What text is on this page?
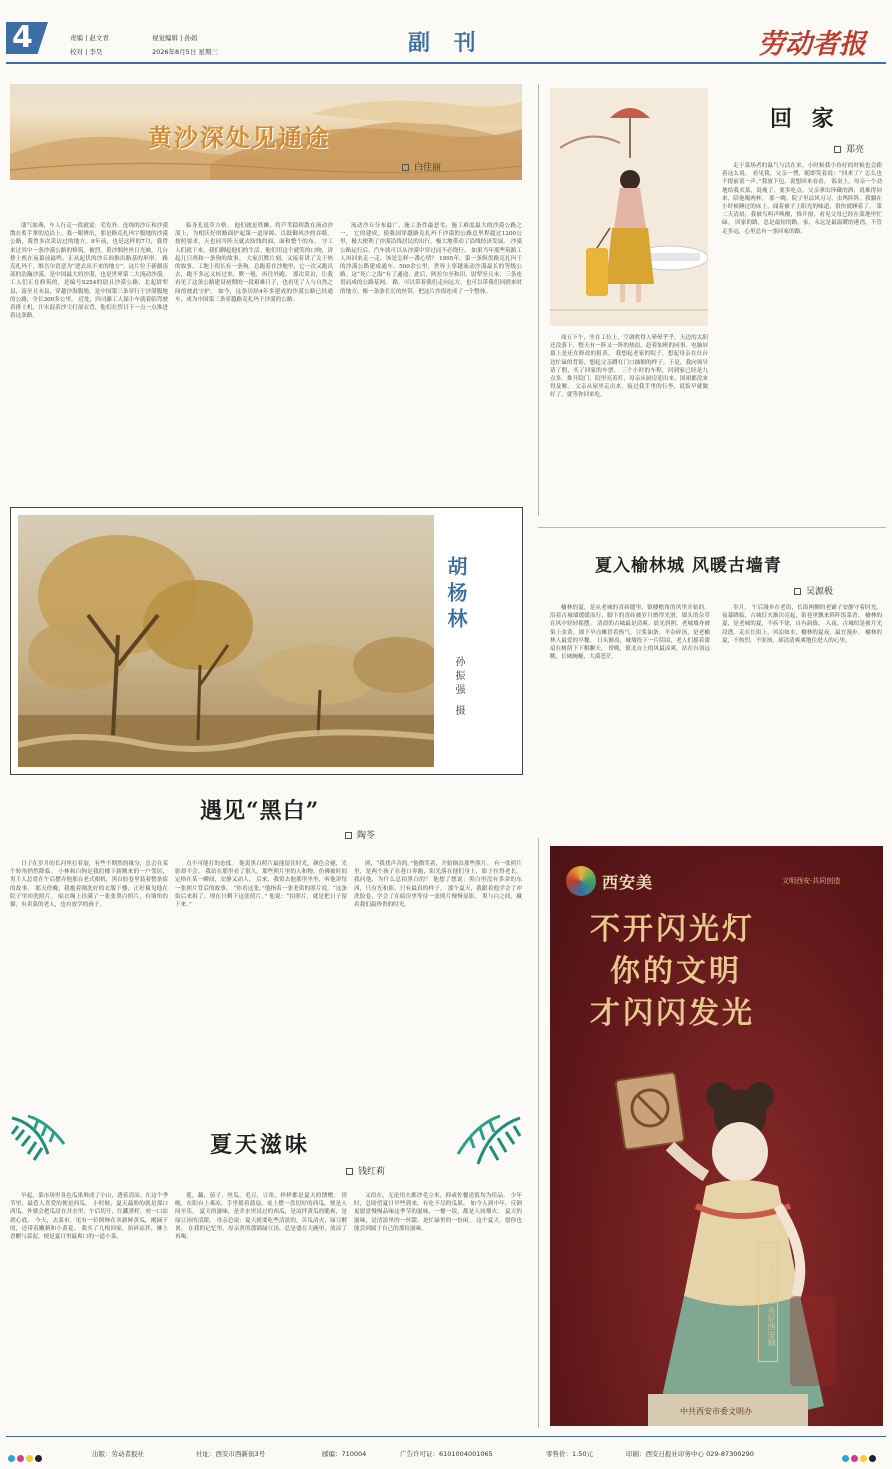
4	责编 | 赵文青
校对 | 李昊
视觉编辑 | 孙娟
2026年8月5日 星期三	副 刊	劳动者报
黄沙深处见通途
白佳丽
蒲气如燕，车人行走一段就觉：毛宵外，连绵的沙丘和沙漠散在炙手掌的边沿上。我一眼辨出，那是路克扎玛宇腹地的沙漠公路，我曾多次采访过的地方。8年前，也是这样的7月，我曾来过其中一条沙漠公路的修筑。被烈，黄沙烟丝丝日光映，几台排土机在夜幕前最鸣，正从起伏的沙丘间推出路基的形形。 路克扎玛千，维吾尔语意为“进去出不来的地方”。这片位于新疆南部的浩瀚沙漠，是中国最大的沙漠，也是世界第二大流动沙漠。工人们正在修筑的，是编号S254的尉且沙漠公路，北起尉犁县，南至且末县，穿越沙海腹地，是中国第三条穿行于沙漠腹地的公路，全长300多公里。 近处，四司藤工人保小车就着临驾驶着排土机，汗水混着沙尘打湿衣背，他们在烈日下一点一点推进着这条路。
临身孔退草方格。 他们就是铁狮，将芦苇稳挥散在流动沙漠上，为相沃好的路面护起第一道屏障，以抵御风沙的吞噬。 按照要求，天也同当阵天就去防线的面，面和整个的布。 守工人们就下来，我们聊起他们的生活。他们用这个就笑的口吻，讲起几只鸡和一条狗的故事。 大家沉默片刻，又接着讲了关于妈的故事。工地上很长有一条狗，总跑着在沙地里，它一次又跑出去，跑不多远又转过来，默一般，再往外跑。 那次采访，让我看见了这条公路建设初期的一段艰难日子，也看见了人与自然之间的彼此守护。 如今，这条历经4年多建成的沙漠公路已经通车，成为中国第三条穿越路克扎玛千沙漠的公路。
流动沙丘分布最广、施工条件最恶劣、施工难度最大的沙漠公路之一。 它的建成，使我国穿越路克扎玛千沙漠的公路总里程超过1200公里，极大便利了沙漠沿线居民的出行，极大地带动了沿线经济发展。 沙漠公路运行后，汽车就可以从沙漠中穿过而不必绕行。 如果当年那些筑路工人再回来走一走，该是怎样一番心情？ 1995年，第一条纵贯路克扎玛千的沙漠公路建成通车。500余公里，世界上穿越流动沙漠最长的等级公路。这“死亡之海”有了通途，此后，阿拉尔至和田、尉犁至且末，三条连贯而成的公路基网。 路，可以带着我们走向远方，也可以带我们回到来时的地方。像一条条长长的丝带，把这片沙海连成了一个整体。
回 家
郑亮
周五下午，坐在工位上，空调吹得人晕晕乎乎。天边的太阳还没落下，整天有一阵又一阵的热浪，赶着加班的同事，电脑屏幕上是还在修改的报表。 我想起老家的院子，想起母亲在灶台边忙碌的背影，想起父亲蹲在门口抽烟的样子。于是，我向领导请了假，买了回家的车票。 三个小时的车程，回到家已经是九点多。推开院门，院里亮着灯，母亲从厨房迎出来，围裙都没来得及解。 父亲从屋里走出来，接过我手里的行李，说饭早就做好了，就等你回来吃。
走于菜场者的温气与活在来。小时候我小待好的时候也会跟着这么说。 看见我，父亲一愣，随即笑着说：“回来了？怎么也不提前说一声。”我放下包，说想回来看看。 饭桌上，母亲一个劲地给我夹菜，说瘦了，要多吃点。父亲拿出珍藏的酒，说难得回来，陪他喝两杯。 那一晚，院子里凉风习习，虫鸣阵阵。我躺在小时候睡过的床上，闻着被子上阳光的味道，很快就睡着了。 第二天清晨，我被鸟叫声唤醒，推开窗，看见父母已经在菜地里忙碌。 回家的路，总是最短的路。家，永远是最温暖的港湾。不管走多远，心里总有一条回家的路。
胡杨林
孙振强 摄
夏入榆林城 风暖古墙青
吴源极
榆林的夏，是从老城的青砖缝里、镇楼檐角的风里开始的。 沿着古城墙缓缓而行，脚下的青砖被岁月磨得光滑，墙头的杂草在风中轻轻摇摆。 清晨的古城最是清爽。晨光斜照，老城墙身被染上金黄，墙下早点摊冒着热气，豆浆油条、羊杂碎汤，是老榆林人最爱的早餐。 日头渐高，城墙投下一片阴凉，老人们摇着蒲扇在树荫下下棋聊天。 傍晚，镇北台上的风最凉爽，站在台顶远眺，长城蜿蜒，大漠苍茫。
岁月。 午后漫步在老街，长街两侧的老铺子安静守着时光。 夜幕降临，古城灯火渐次亮起，街巷里飘来阵阵饭菜香。 榆林的夏，是老城的夏，不疾不徐，自有韵致。 入夜，古城似是被月光浸透，走在长街上，风凉如水，榆林的夏夜，最宜漫步。 榆林的夏，不热烈，不张扬，却清清爽爽地住进人的心里。
遇见“黑白”
陶苓
日子在岁月的长河里打着旋，有些不期然的缘分，总会在某个转角悄然降临。 小林和白狗是我们楼下新搬来的一户邻居，男主人总爱在午后摆弄他那台老式相机，黑白胶卷里装着整条街的故事。 那天傍晚，我抱着刚洗好的衣服下楼，正好撞见他在院子里冲洗照片。 晾衣绳上挂满了一张张黑白照片，有墙角的猫，有卖菜的老人，也有放学的孩子。
点不可能打的态度。 他说黑白照片最能留住时光，颜色会褪，光影却不会。 我站在那里看了很久，那些照片里的人和物，仿佛被时间定格在某一瞬间，安静又动人。 后来，我常去他那里坐坐，听他讲每一张照片背后的故事。 “你看这张，”他指着一张老街的照片说，“这条街后来拆了，现在只剩下这张照片。” 他说：“拍照片，就是把日子留下来。”
照，“我找声音的。”他微笑着，开始倒出那些照片。 有一张照片里，是两个孩子在巷口奔跑，阳光落在他们身上，影子拉得老长。 我问他，为什么总拍黑白的？ 他想了想说：黑白里没有多余的东西，只有光和影，只有最真的样子。 那个夏天，我跟着他学会了冲洗胶卷，学会了在暗房里等待一张照片慢慢显影。 黑与白之间，藏着我们最珍贵的时光。
夏天滋味
钱红莉
早起，菜市场里各色瓜果堆成了小山，透着清凉。在这个季节里，最惹人喜爱的便是西瓜。 小时候，夏天最盼的就是那口西瓜，外婆会把瓜浸在井水里，午后切开，红瓤黑籽，咬一口凉到心底。 今天，去菜市，见有一位阿婶在卖新鲜黄瓜，刚摘下的，还带着嫩刺和小黄花。 我买了几根回家，拍碎凉拌，淋上香醋与蒜泥，便是夏日里最爽口的一道小菜。
莲，藕，茄子，丝瓜，毛豆，豆角，样样都是夏天的馈赠。 傍晚，在阳台上乘凉，手里摇着蒲扇，桌上摆一盘切好的西瓜，便是人间至乐。 夏天的滋味，是井水里浸过的西瓜，是凉拌黄瓜的脆爽，是绿豆汤的清甜。 母亲总说：夏天就要吃些清淡的，苦瓜清火，绿豆解暑。 在我的记忆里，母亲煮的那锅绿豆汤，总是盛在大碗里，放凉了再喝。
又似在，无论用夫都沙毛立米，抑或佐餐送饭均为佳品。 少年时，总盼望夏日早些到来，有吃不尽的瓜果。 如今人到中年，反倒更愿意慢慢品味这季节的滋味，一餐一饭，都是人间烟火。 夏天的滋味，是清淡里的一丝甜，是忙碌里的一份闲。 这个夏天，愿你也能尝到属于自己的那份滋味。
西安美	文明西安·共同创造
不开闪光灯
你的文明
才闪闪发光
文明你我他 美好西安城
中共西安市委文明办
出版：劳动者报社	社址：西安市西新街3号	邮编：710004	广告许可证：6101004001065	零售价：1.50元	印刷：西安日报社印务中心 029-87300290
